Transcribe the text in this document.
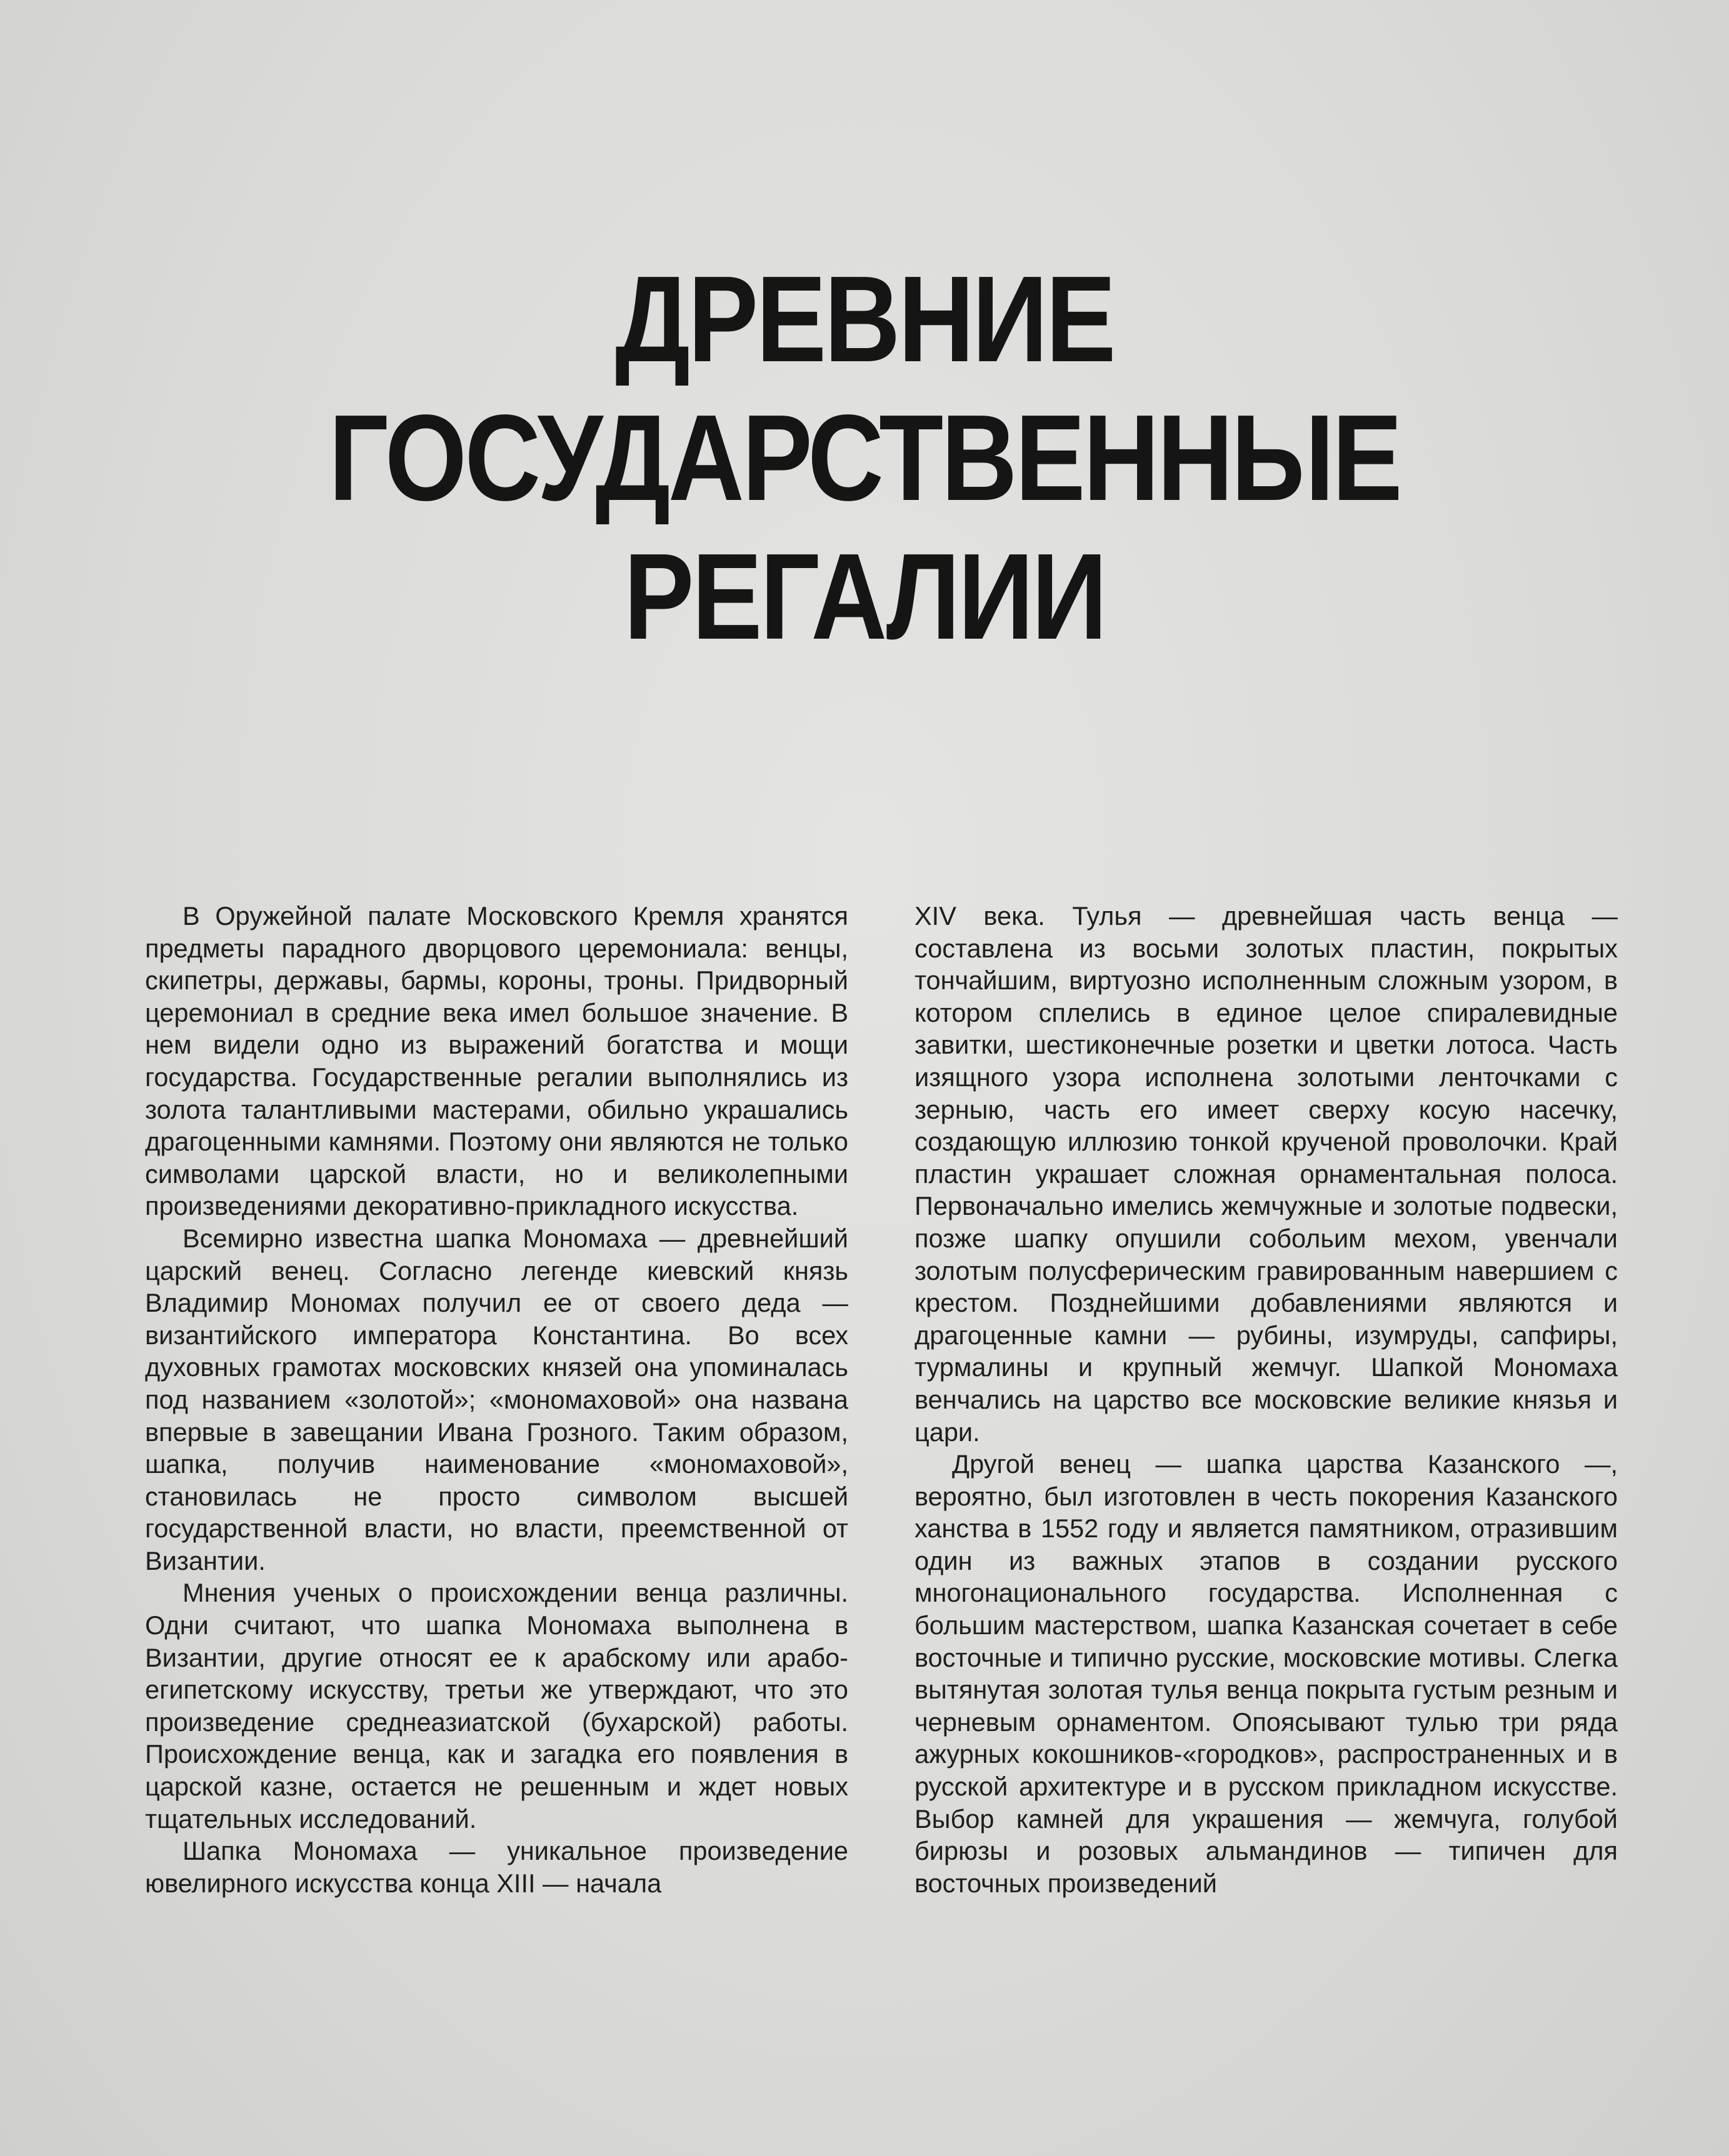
ДРЕВНИЕ
ГОСУДАРСТВЕННЫЕ
РЕГАЛИИ

В Оружейной палате Московского Кремля хранятся предметы парадного дворцового церемониала: венцы, скипетры, державы, бармы, короны, троны. Придворный церемониал в средние века имел большое значение. В нем видели одно из выражений богатства и мощи государства. Государственные регалии выполнялись из золота талантливыми мастерами, обильно украшались драгоценными камнями. Поэтому они являются не только символами царской власти, но и великолепными произведениями декоративно-прикладного искусства.

Всемирно известна шапка Мономаха — древнейший царский венец. Согласно легенде киевский князь Владимир Мономах получил ее от своего деда — византийского императора Константина. Во всех духовных грамотах московских князей она упоминалась под названием «золотой»; «мономаховой» она названа впервые в завещании Ивана Грозного. Таким образом, шапка, получив наименование «мономаховой», становилась не просто символом высшей государственной власти, но власти, преемственной от Византии.

Мнения ученых о происхождении венца различны. Одни считают, что шапка Мономаха выполнена в Византии, другие относят ее к арабскому или арабо-египетскому искусству, третьи же утверждают, что это произведение среднеазиатской (бухарской) работы. Происхождение венца, как и загадка его появления в царской казне, остается не решенным и ждет новых тщательных исследований.

Шапка Мономаха — уникальное произведение ювелирного искусства конца XIII — начала

XIV века. Тулья — древнейшая часть венца — составлена из восьми золотых пластин, покрытых тончайшим, виртуозно исполненным сложным узором, в котором сплелись в единое целое спиралевидные завитки, шестиконечные розетки и цветки лотоса. Часть изящного узора исполнена золотыми ленточками с зерныю, часть его имеет сверху косую насечку, создающую иллюзию тонкой крученой проволочки. Край пластин украшает сложная орнаментальная полоса. Первоначально имелись жемчужные и золотые подвески, позже шапку опушили собольим мехом, увенчали золотым полусферическим гравированным навершием с крестом. Позднейшими добавлениями являются и драгоценные камни — рубины, изумруды, сапфиры, турмалины и крупный жемчуг. Шапкой Мономаха венчались на царство все московские великие князья и цари.

Другой венец — шапка царства Казанского —, вероятно, был изготовлен в честь покорения Казанского ханства в 1552 году и является памятником, отразившим один из важных этапов в создании русского многонационального государства. Исполненная с большим мастерством, шапка Казанская сочетает в себе восточные и типично русские, московские мотивы. Слегка вытянутая золотая тулья венца покрыта густым резным и черневым орнаментом. Опоясывают тулью три ряда ажурных кокошников-«городков», распространенных и в русской архитектуре и в русском прикладном искусстве. Выбор камней для украшения — жемчуга, голубой бирюзы и розовых альмандинов — типичен для восточных произведений
